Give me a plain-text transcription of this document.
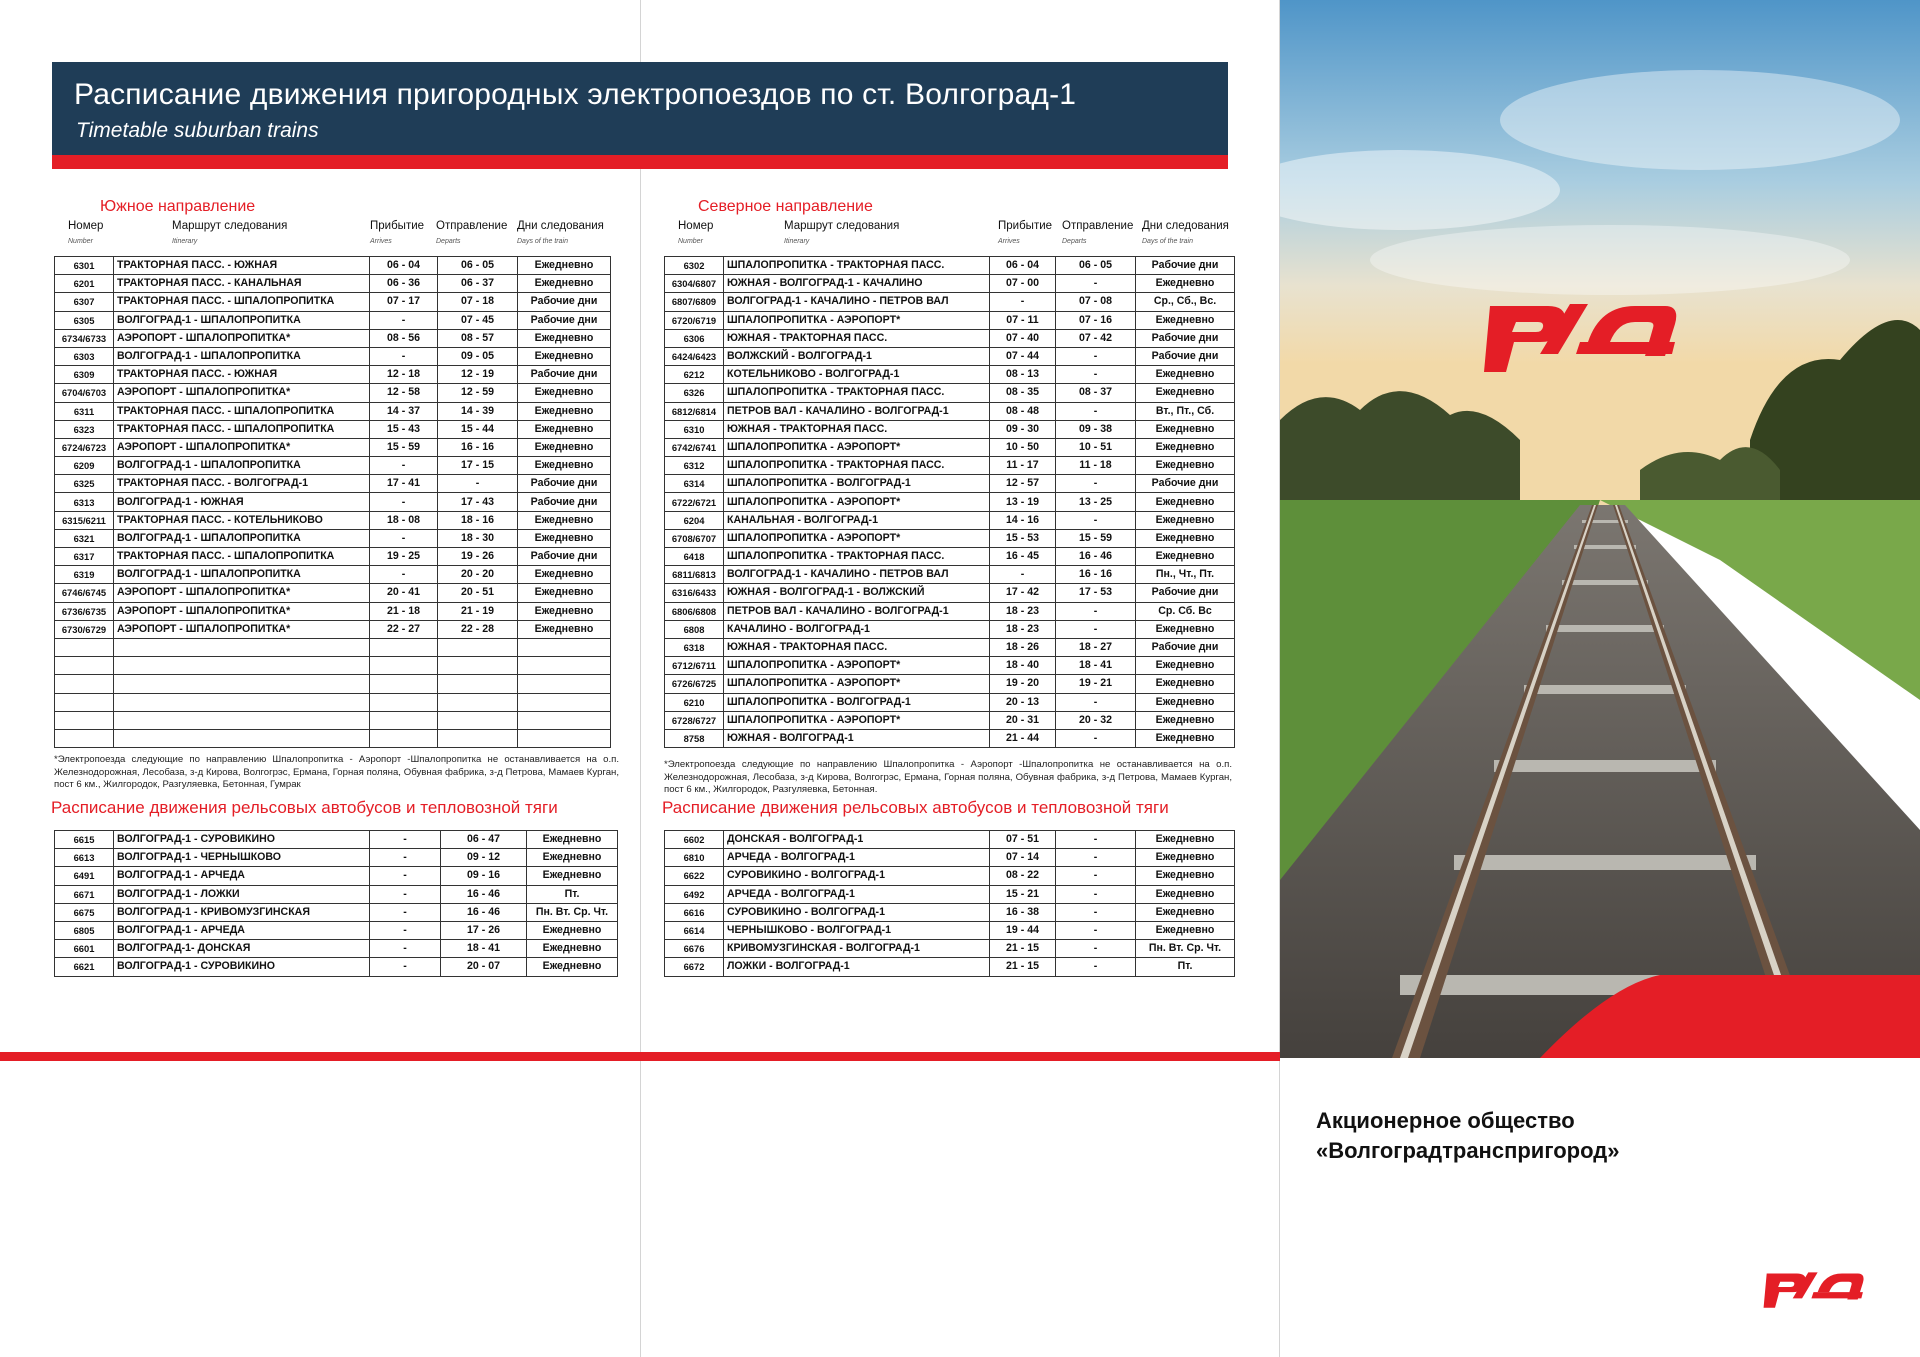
Расписание движения пригородных электропоездов по ст. Волгоград-1
Timetable suburban trains
Южное направление
Номер	Маршрут следования	Прибытие Отправление Дни следования
Number	Itinerary	Arrives	Departs	Days of the train
6301	ТРАКТОРНАЯ ПАСС. - ЮЖНАЯ	06 - 04	06 - 05	Ежедневно
6201	ТРАКТОРНАЯ ПАСС. - КАНАЛЬНАЯ	06 - 36	06 - 37	Ежедневно
6307	ТРАКТОРНАЯ ПАСС. - ШПАЛОПРОПИТКА	07 - 17	07 - 18	Рабочие дни
6305	ВОЛГОГРАД-1 - ШПАЛОПРОПИТКА	-	07 - 45	Рабочие дни
6734/6733	АЭРОПОРТ - ШПАЛОПРОПИТКА*	08 - 56	08 - 57	Ежедневно
6303	ВОЛГОГРАД-1 - ШПАЛОПРОПИТКА	-	09 - 05	Ежедневно
6309	ТРАКТОРНАЯ ПАСС. - ЮЖНАЯ	12 - 18	12 - 19	Рабочие дни
6704/6703	АЭРОПОРТ - ШПАЛОПРОПИТКА*	12 - 58	12 - 59	Ежедневно
6311	ТРАКТОРНАЯ ПАСС. - ШПАЛОПРОПИТКА	14 - 37	14 - 39	Ежедневно
6323	ТРАКТОРНАЯ ПАСС. - ШПАЛОПРОПИТКА	15 - 43	15 - 44	Ежедневно
6724/6723	АЭРОПОРТ - ШПАЛОПРОПИТКА*	15 - 59	16 - 16	Ежедневно
6209	ВОЛГОГРАД-1 - ШПАЛОПРОПИТКА	-	17 - 15	Ежедневно
6325	ТРАКТОРНАЯ ПАСС. - ВОЛГОГРАД-1	17 - 41	-	Рабочие дни
6313	ВОЛГОГРАД-1 - ЮЖНАЯ	-	17 - 43	Рабочие дни
6315/6211	ТРАКТОРНАЯ ПАСС. - КОТЕЛЬНИКОВО	18 - 08	18 - 16	Ежедневно
6321	ВОЛГОГРАД-1 - ШПАЛОПРОПИТКА	-	18 - 30	Ежедневно
6317	ТРАКТОРНАЯ ПАСС. - ШПАЛОПРОПИТКА	19 - 25	19 - 26	Рабочие дни
6319	ВОЛГОГРАД-1 - ШПАЛОПРОПИТКА	-	20 - 20	Ежедневно
6746/6745	АЭРОПОРТ - ШПАЛОПРОПИТКА*	20 - 41	20 - 51	Ежедневно
6736/6735	АЭРОПОРТ - ШПАЛОПРОПИТКА*	21 - 18	21 - 19	Ежедневно
6730/6729	АЭРОПОРТ - ШПАЛОПРОПИТКА*	22 - 27	22 - 28	Ежедневно

*Электропоезда следующие по направлению Шпалопропитка - Аэропорт -Шпалопропитка не останавливается на о.п. Железнодорожная, Лесобаза, з-д Кирова, Волгогрэс, Ермана, Горная поляна, Обувная фабрика, з-д Петрова, Мамаев Курган, пост 6 км., Жилгородок, Разгуляевка, Бетонная, Гумрак
Расписание движения рельсовых автобусов и тепловозной тяги
6615	ВОЛГОГРАД-1 - СУРОВИКИНО	-	06 - 47	Ежедневно
6613	ВОЛГОГРАД-1 - ЧЕРНЫШКОВО	-	09 - 12	Ежедневно
6491	ВОЛГОГРАД-1 - АРЧЕДА	-	09 - 16	Ежедневно
6671	ВОЛГОГРАД-1 - ЛОЖКИ	-	16 - 46	Пт.
6675	ВОЛГОГРАД-1 - КРИВОМУЗГИНСКАЯ	-	16 - 46	Пн. Вт. Ср. Чт.
6805	ВОЛГОГРАД-1 - АРЧЕДА	-	17 - 26	Ежедневно
6601	ВОЛГОГРАД-1- ДОНСКАЯ	-	18 - 41	Ежедневно
6621	ВОЛГОГРАД-1 - СУРОВИКИНО	-	20 - 07	Ежедневно
Северное направление
Номер	Маршрут следования	Прибытие Отправление Дни следования
Number	Itinerary	Arrives	Departs	Days of the train
6302	ШПАЛОПРОПИТКА - ТРАКТОРНАЯ ПАСС.	06 - 04	06 - 05	Рабочие дни
6304/6807	ЮЖНАЯ - ВОЛГОГРАД-1 - КАЧАЛИНО	07 - 00	-	Ежедневно
6807/6809	ВОЛГОГРАД-1 - КАЧАЛИНО - ПЕТРОВ ВАЛ	-	07 - 08	Ср., Сб., Вс.
6720/6719	ШПАЛОПРОПИТКА - АЭРОПОРТ*	07 - 11	07 - 16	Ежедневно
6306	ЮЖНАЯ - ТРАКТОРНАЯ ПАСС.	07 - 40	07 - 42	Рабочие дни
6424/6423	ВОЛЖСКИЙ - ВОЛГОГРАД-1	07 - 44	-	Рабочие дни
6212	КОТЕЛЬНИКОВО - ВОЛГОГРАД-1	08 - 13	-	Ежедневно
6326	ШПАЛОПРОПИТКА - ТРАКТОРНАЯ ПАСС.	08 - 35	08 - 37	Ежедневно
6812/6814	ПЕТРОВ ВАЛ - КАЧАЛИНО - ВОЛГОГРАД-1	08 - 48	-	Вт., Пт., Сб.
6310	ЮЖНАЯ - ТРАКТОРНАЯ ПАСС.	09 - 30	09 - 38	Ежедневно
6742/6741	ШПАЛОПРОПИТКА - АЭРОПОРТ*	10 - 50	10 - 51	Ежедневно
6312	ШПАЛОПРОПИТКА - ТРАКТОРНАЯ ПАСС.	11 - 17	11 - 18	Ежедневно
6314	ШПАЛОПРОПИТКА - ВОЛГОГРАД-1	12 - 57	-	Рабочие дни
6722/6721	ШПАЛОПРОПИТКА - АЭРОПОРТ*	13 - 19	13 - 25	Ежедневно
6204	КАНАЛЬНАЯ - ВОЛГОГРАД-1	14 - 16	-	Ежедневно
6708/6707	ШПАЛОПРОПИТКА - АЭРОПОРТ*	15 - 53	15 - 59	Ежедневно
6418	ШПАЛОПРОПИТКА - ТРАКТОРНАЯ ПАСС.	16 - 45	16 - 46	Ежедневно
6811/6813	ВОЛГОГРАД-1 - КАЧАЛИНО - ПЕТРОВ ВАЛ	-	16 - 16	Пн., Чт., Пт.
6316/6433	ЮЖНАЯ - ВОЛГОГРАД-1 - ВОЛЖСКИЙ	17 - 42	17 - 53	Рабочие дни
6806/6808	ПЕТРОВ ВАЛ - КАЧАЛИНО - ВОЛГОГРАД-1	18 - 23	-	Ср. Сб. Вс
6808	КАЧАЛИНО - ВОЛГОГРАД-1	18 - 23	-	Ежедневно
6318	ЮЖНАЯ - ТРАКТОРНАЯ ПАСС.	18 - 26	18 - 27	Рабочие дни
6712/6711	ШПАЛОПРОПИТКА - АЭРОПОРТ*	18 - 40	18 - 41	Ежедневно
6726/6725	ШПАЛОПРОПИТКА - АЭРОПОРТ*	19 - 20	19 - 21	Ежедневно
6210	ШПАЛОПРОПИТКА - ВОЛГОГРАД-1	20 - 13	-	Ежедневно
6728/6727	ШПАЛОПРОПИТКА - АЭРОПОРТ*	20 - 31	20 - 32	Ежедневно
8758	ЮЖНАЯ - ВОЛГОГРАД-1	21 - 44	-	Ежедневно
*Электропоезда следующие по направлению Шпалопропитка - Аэропорт -Шпалопропитка не останавливается на о.п. Железнодорожная, Лесобаза, з-д Кирова, Волгогрэс, Ермана, Горная поляна, Обувная фабрика, з-д Петрова, Мамаев Курган, пост 6 км., Жилгородок, Разгуляевка, Бетонная.
Расписание движения рельсовых автобусов и тепловозной тяги
6602	ДОНСКАЯ - ВОЛГОГРАД-1	07 - 51	-	Ежедневно
6810	АРЧЕДА - ВОЛГОГРАД-1	07 - 14	-	Ежедневно
6622	СУРОВИКИНО - ВОЛГОГРАД-1	08 - 22	-	Ежедневно
6492	АРЧЕДА - ВОЛГОГРАД-1	15 - 21	-	Ежедневно
6616	СУРОВИКИНО - ВОЛГОГРАД-1	16 - 38	-	Ежедневно
6614	ЧЕРНЫШКОВО - ВОЛГОГРАД-1	19 - 44	-	Ежедневно
6676	КРИВОМУЗГИНСКАЯ - ВОЛГОГРАД-1	21 - 15	-	Пн. Вт. Ср. Чт.
6672	ЛОЖКИ - ВОЛГОГРАД-1	21 - 15	-	Пт.
Акционерное общество
«Волгоградтранспригород»
